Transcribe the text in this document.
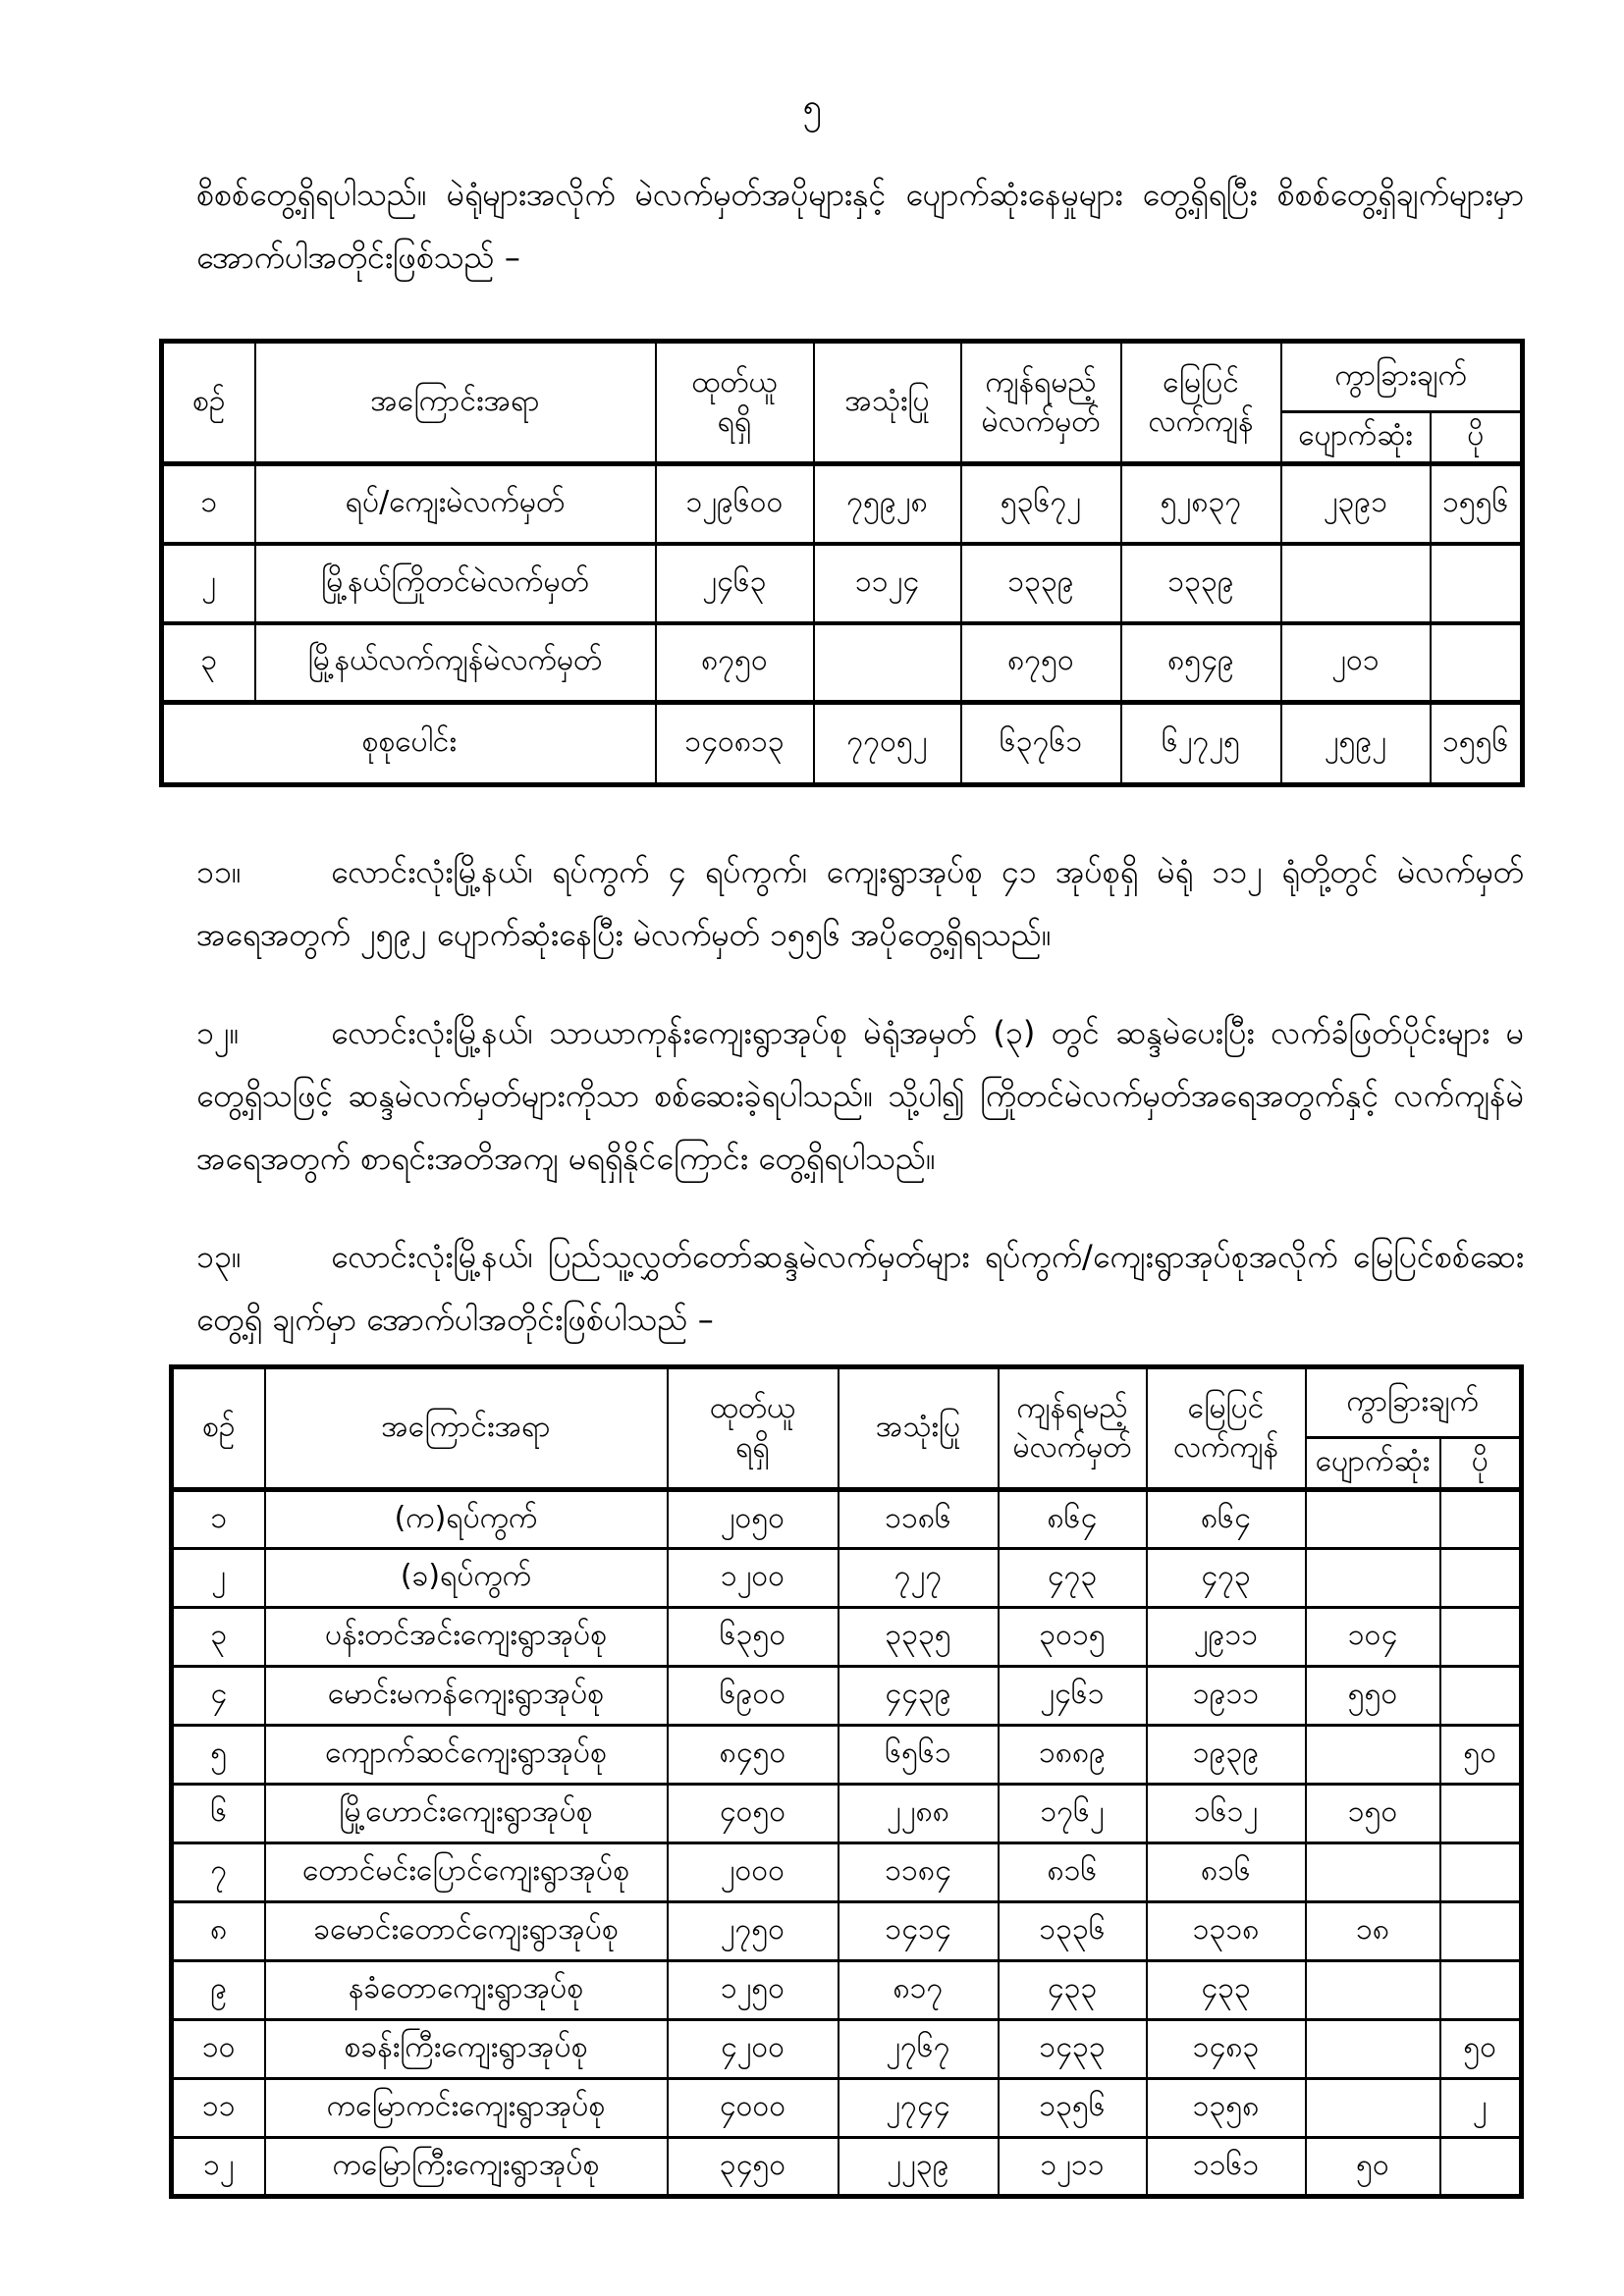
၅
စိစစ်တွေ့ရှိရပါသည်။ မဲရုံများအလိုက် မဲလက်မှတ်အပိုများနှင့် ပျောက်ဆုံးနေမှုများ တွေ့ရှိရပြီး စိစစ်တွေ့ရှိချက်များမှာ အောက်ပါအတိုင်းဖြစ်သည် –
စဉ်	အကြောင်းအရာ	ထုတ်ယူ
ရရှိ	အသုံးပြု	ကျန်ရမည့်
မဲလက်မှတ်	မြေပြင်
လက်ကျန်	ကွာခြားချက်	
						ပျောက်ဆုံး	ပို
၁	ရပ်/ကျေးမဲလက်မှတ်	၁၂၉၆၀၀	၇၅၉၂၈	၅၃၆၇၂	၅၂၈၃၇	၂၃၉၁	၁၅၅၆
၂	မြို့နယ်ကြိုတင်မဲလက်မှတ်	၂၄၆၃	၁၁၂၄	၁၃၃၉	၁၃၃၉		
၃	မြို့နယ်လက်ကျန်မဲလက်မှတ်	၈၇၅၀		၈၇၅၀	၈၅၄၉	၂၀၁	
စုစုပေါင်း		၁၄၀၈၁၃	၇၇၀၅၂	၆၃၇၆၁	၆၂၇၂၅	၂၅၉၂	၁၅၅၆
၁၁။	လောင်းလုံးမြို့နယ်၊ ရပ်ကွက် ၄ ရပ်ကွက်၊ ကျေးရွာအုပ်စု ၄၁ အုပ်စုရှိ မဲရုံ ၁၁၂ ရုံတို့တွင် မဲလက်မှတ်အရေအတွက် ၂၅၉၂ ပျောက်ဆုံးနေပြီး မဲလက်မှတ် ၁၅၅၆ အပိုတွေ့ရှိရသည်။
၁၂။	လောင်းလုံးမြို့နယ်၊ သာယာကုန်းကျေးရွာအုပ်စု မဲရုံအမှတ် (၃) တွင် ဆန္ဒမဲပေးပြီး လက်ခံဖြတ်ပိုင်းများ မတွေ့ရှိသဖြင့် ဆန္ဒမဲလက်မှတ်များကိုသာ စစ်ဆေးခဲ့ရပါသည်။ သို့ပါ၍ ကြိုတင်မဲလက်မှတ်အရေအတွက်နှင့် လက်ကျန်မဲအရေအတွက် စာရင်းအတိအကျ မရရှိနိုင်ကြောင်း တွေ့ရှိရပါသည်။
၁၃။	လောင်းလုံးမြို့နယ်၊ ပြည်သူ့လွှတ်တော်ဆန္ဒမဲလက်မှတ်များ ရပ်ကွက်/ကျေးရွာအုပ်စုအလိုက် မြေပြင်စစ်ဆေးတွေ့ရှိ ချက်မှာ အောက်ပါအတိုင်းဖြစ်ပါသည် –
စဉ်	အကြောင်းအရာ	ထုတ်ယူ
ရရှိ	အသုံးပြု	ကျန်ရမည့်
မဲလက်မှတ်	မြေပြင်
လက်ကျန်	ကွာခြားချက်	
						ပျောက်ဆုံး	ပို
၁	(က)ရပ်ကွက်	၂၀၅၀	၁၁၈၆	၈၆၄	၈၆၄		
၂	(ခ)ရပ်ကွက်	၁၂၀၀	၇၂၇	၄၇၃	၄၇၃		
၃	ပန်းတင်အင်းကျေးရွာအုပ်စု	၆၃၅၀	၃၃၃၅	၃၀၁၅	၂၉၁၁	၁၀၄	
၄	မောင်းမကန်ကျေးရွာအုပ်စု	၆၉၀၀	၄၄၃၉	၂၄၆၁	၁၉၁၁	၅၅၀	
၅	ကျောက်ဆင်ကျေးရွာအုပ်စု	၈၄၅၀	၆၅၆၁	၁၈၈၉	၁၉၃၉		၅၀
၆	မြို့ဟောင်းကျေးရွာအုပ်စု	၄၀၅၀	၂၂၈၈	၁၇၆၂	၁၆၁၂	၁၅၀	
၇	တောင်မင်းပြောင်ကျေးရွာအုပ်စု	၂၀၀၀	၁၁၈၄	၈၁၆	၈၁၆		
၈	ခမောင်းတောင်ကျေးရွာအုပ်စု	၂၇၅၀	၁၄၁၄	၁၃၃၆	၁၃၁၈	၁၈	
၉	နခံတောကျေးရွာအုပ်စု	၁၂၅၀	၈၁၇	၄၃၃	၄၃၃		
၁၀	စခန်းကြီးကျေးရွာအုပ်စု	၄၂၀၀	၂၇၆၇	၁၄၃၃	၁၄၈၃		၅၀
၁၁	ကမြောကင်းကျေးရွာအုပ်စု	၄၀၀၀	၂၇၄၄	၁၃၅၆	၁၃၅၈		၂
၁၂	ကမြောကြီးကျေးရွာအုပ်စု	၃၄၅၀	၂၂၃၉	၁၂၁၁	၁၁၆၁	၅၀	
